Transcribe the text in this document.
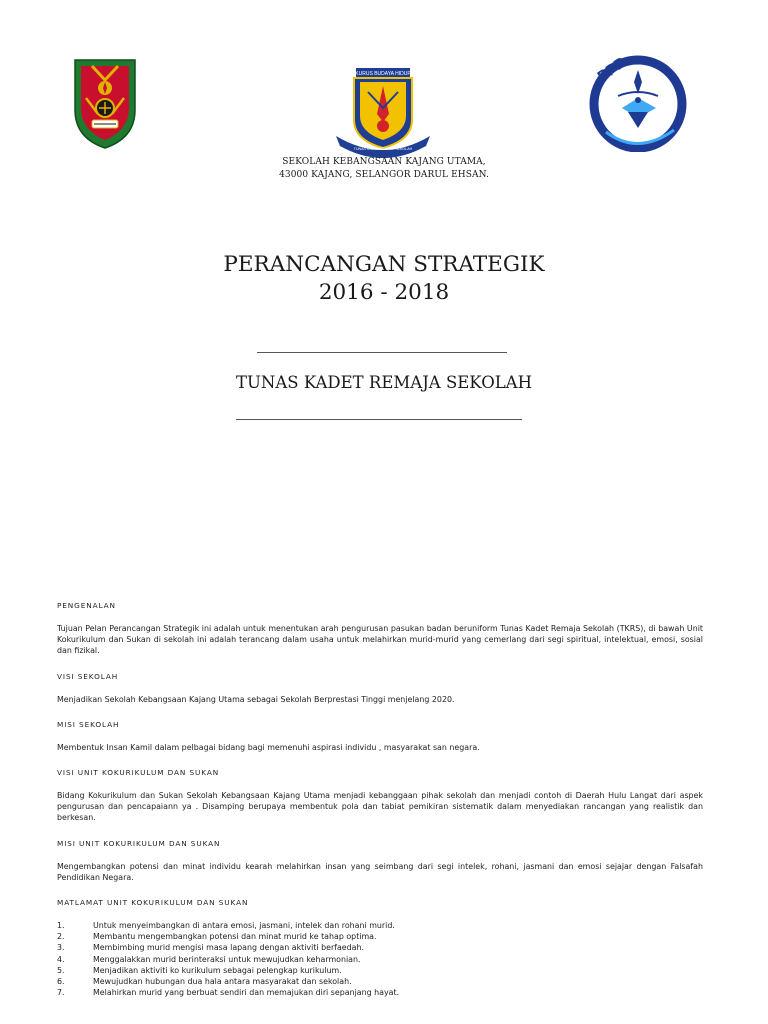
KURUS BUDAYA HIDUP
TUNAS KADET REMAJA SEKOLAH
PPD
SEKOLAH KEBANGSAAN KAJANG UTAMA,
43000 KAJANG, SELANGOR DARUL EHSAN.
PERANCANGAN STRATEGIK
2016 - 2018
TUNAS KADET REMAJA SEKOLAH
PENGENALAN

Tujuan Pelan Perancangan Strategik ini adalah untuk menentukan arah pengurusan pasukan badan beruniform Tunas Kadet Remaja Sekolah (TKRS), di bawah Unit Kokurikulum dan Sukan di sekolah ini adalah terancang dalam usaha untuk melahirkan murid-murid yang cemerlang dari segi spiritual, intelektual, emosi, sosial dan fizikal.

VISI SEKOLAH

Menjadikan Sekolah Kebangsaan Kajang Utama sebagai Sekolah Berprestasi Tinggi menjelang 2020.

MISI SEKOLAH

Membentuk Insan Kamil dalam pelbagai bidang bagi memenuhi aspirasi individu , masyarakat san negara.

VISI UNIT KOKURIKULUM DAN SUKAN

Bidang Kokurikulum dan Sukan Sekolah Kebangsaan Kajang Utama menjadi kebanggaan pihak sekolah dan menjadi contoh di Daerah Hulu Langat dari aspek pengurusan dan pencapaiann ya . Disamping berupaya membentuk pola dan tabiat pemikiran sistematik dalam menyediakan rancangan yang realistik dan berkesan.

MISI UNIT KOKURIKULUM DAN SUKAN

Mengembangkan potensi dan minat individu kearah melahirkan insan yang seimbang dari segi intelek, rohani, jasmani dan emosi sejajar dengan Falsafah Pendidikan Negara.

MATLAMAT UNIT KOKURIKULUM DAN SUKAN
1.	Untuk menyeimbangkan di antara emosi, jasmani, intelek dan rohani murid.
2.	Membantu mengembangkan potensi dan minat murid ke tahap optima.
3.	Membimbing murid mengisi masa lapang dengan aktiviti berfaedah.
4.	Menggalakkan murid berinteraksi untuk mewujudkan keharmonian.
5.	Menjadikan aktiviti ko kurikulum sebagai pelengkap kurikulum.
6.	Mewujudkan hubungan dua hala antara masyarakat dan sekolah.
7.	Melahirkan murid yang berbuat sendiri dan memajukan diri sepanjang hayat.
